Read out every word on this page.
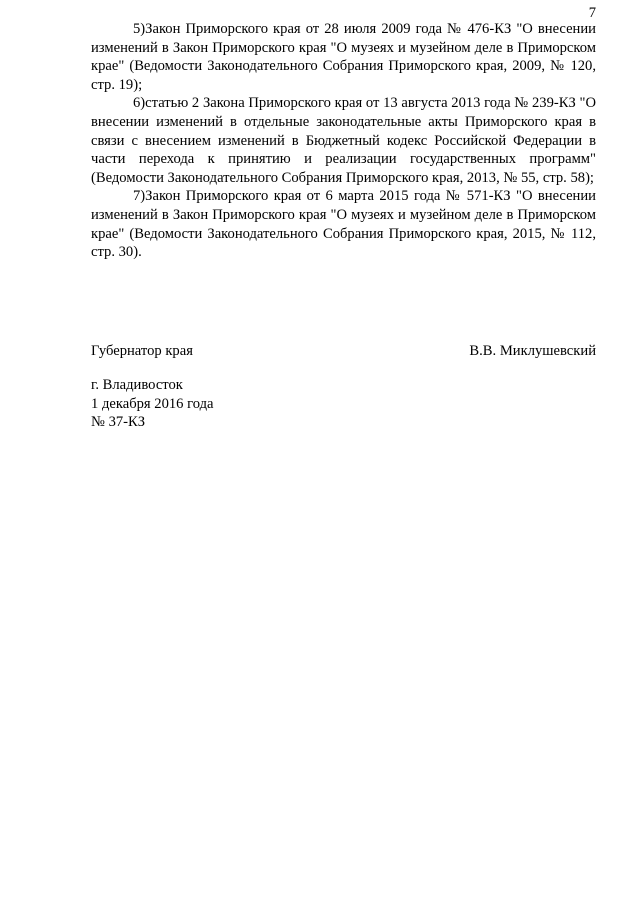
7

5)Закон Приморского края от 28 июля 2009 года № 476-КЗ "О внесении изменений в Закон Приморского края "О музеях и музейном деле в Приморском крае" (Ведомости Законодательного Собрания Приморского края, 2009, № 120, стр. 19);

6)статью 2 Закона Приморского края от 13 августа 2013 года № 239-КЗ "О внесении изменений в отдельные законодательные акты Приморского края в связи с внесением изменений в Бюджетный кодекс Российской Федерации в части перехода к принятию и реализации государственных программ" (Ведомости Законодательного Собрания Приморского края, 2013, № 55, стр. 58);

7)Закон Приморского края от 6 марта 2015 года № 571-КЗ "О внесении изменений в Закон Приморского края "О музеях и музейном деле в Приморском крае" (Ведомости Законодательного Собрания Приморского края, 2015, № 112, стр. 30).

Губернатор края	В.В. Миклушевский
г. Владивосток
1 декабря 2016 года
№ 37-КЗ
